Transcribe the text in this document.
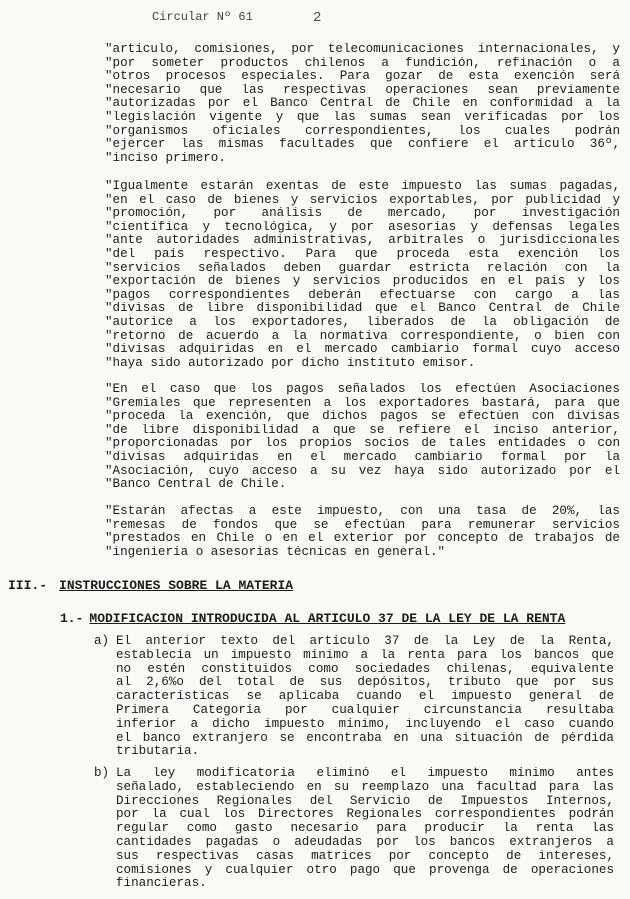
Circular Nº 61	2
"artículo, comisiones, por telecomunicaciones internacionales, y
"por someter productos chilenos a fundición, refinación o a
"otros procesos especiales. Para gozar de esta exención será
"necesario que las respectivas operaciones sean previamente
"autorizadas por el Banco Central de Chile en conformidad a la
"legislación vigente y que las sumas sean verificadas por los
"organismos oficiales correspondientes, los cuales podrán
"ejercer las mismas facultades que confiere el artículo 36º,
"inciso primero.
"Igualmente estarán exentas de este impuesto las sumas pagadas,
"en el caso de bienes y servicios exportables, por publicidad y
"promoción, por análisis de mercado, por investigación
"científica y tecnológica, y por asesorías y defensas legales
"ante autoridades administrativas, arbitrales o jurisdiccionales
"del país respectivo. Para que proceda esta exención los
"servicios señalados deben guardar estricta relación con la
"exportación de bienes y servicios producidos en el país y los
"pagos correspondientes deberán efectuarse con cargo a las
"divisas de libre disponibilidad que el Banco Central de Chile
"autorice a los exportadores, liberados de la obligación de
"retorno de acuerdo a la normativa correspondiente, o bien con
"divisas adquiridas en el mercado cambiario formal cuyo acceso
"haya sido autorizado por dicho instituto emisor.
"En el caso que los pagos señalados los efectúen Asociaciones
"Gremiales que representen a los exportadores bastará, para que
"proceda la exención, que dichos pagos se efectúen con divisas
"de libre disponibilidad a que se refiere el inciso anterior,
"proporcionadas por los propios socios de tales entidades o con
"divisas adquiridas en el mercado cambiario formal por la
"Asociación, cuyo acceso a su vez haya sido autorizado por el
"Banco Central de Chile.
"Estarán afectas a este impuesto, con una tasa de 20%, las
"remesas de fondos que se efectúan para remunerar servicios
"prestados en Chile o en el exterior por concepto de trabajos de
"ingeniería o asesorías técnicas en general."
III.- INSTRUCCIONES SOBRE LA MATERIA
1.- MODIFICACION INTRODUCIDA AL ARTICULO 37 DE LA LEY DE LA RENTA
a) El anterior texto del artículo 37 de la Ley de la Renta,
establecía un impuesto mínimo a la renta para los bancos que
no estén constituidos como sociedades chilenas, equivalente
al 2,6%o del total de sus depósitos, tributo que por sus
características se aplicaba cuando el impuesto general de
Primera Categoría por cualquier circunstancia resultaba
inferior a dicho impuesto mínimo, incluyendo el caso cuando
el banco extranjero se encontraba en una situación de pérdida
tributaria.
b) La ley modificatoria eliminó el impuesto mínimo antes
señalado, estableciendo en su reemplazo una facultad para las
Direcciones Regionales del Servicio de Impuestos Internos,
por la cual los Directores Regionales correspondientes podrán
regular como gasto necesario para producir la renta las
cantidades pagadas o adeudadas por los bancos extranjeros a
sus respectivas casas matrices por concepto de intereses,
comisiones y cualquier otro pago que provenga de operaciones
financieras.
